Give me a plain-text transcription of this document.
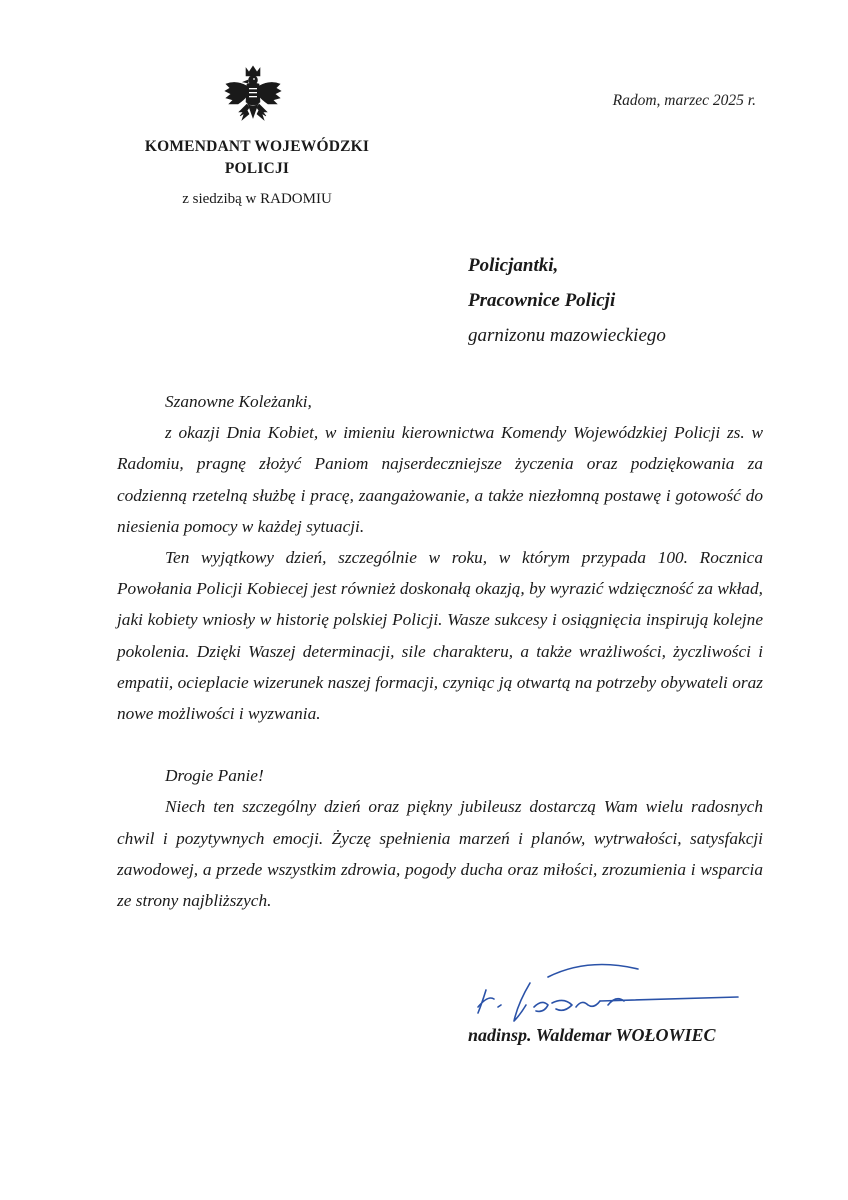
Radom, marzec 2025 r.
KOMENDANT WOJEWÓDZKI POLICJI
z siedzibą w RADOMIU
Policjantki,
Pracownice Policji
garnizonu mazowieckiego

Szanowne Koleżanki,

z okazji Dnia Kobiet, w imieniu kierownictwa Komendy Wojewódzkiej Policji zs. w Radomiu, pragnę złożyć Paniom najserdeczniejsze życzenia oraz podziękowania za codzienną rzetelną służbę i pracę, zaangażowanie, a także niezłomną postawę i gotowość do niesienia pomocy w każdej sytuacji.

Ten wyjątkowy dzień, szczególnie w roku, w którym przypada 100. Rocznica Powołania Policji Kobiecej jest również doskonałą okazją, by wyrazić wdzięczność za wkład, jaki kobiety wniosły w historię polskiej Policji. Wasze sukcesy i osiągnięcia inspirują kolejne pokolenia. Dzięki Waszej determinacji, sile charakteru, a także wrażliwości, życzliwości i empatii, ocieplacie wizerunek naszej formacji, czyniąc ją otwartą na potrzeby obywateli oraz nowe możliwości i wyzwania.

Drogie Panie!

Niech ten szczególny dzień oraz piękny jubileusz dostarczą Wam wielu radosnych chwil i pozytywnych emocji. Życzę spełnienia marzeń i planów, wytrwałości, satysfakcji zawodowej, a przede wszystkim zdrowia, pogody ducha oraz miłości, zrozumienia i wsparcia ze strony najbliższych.

nadinsp. Waldemar WOŁOWIEC
